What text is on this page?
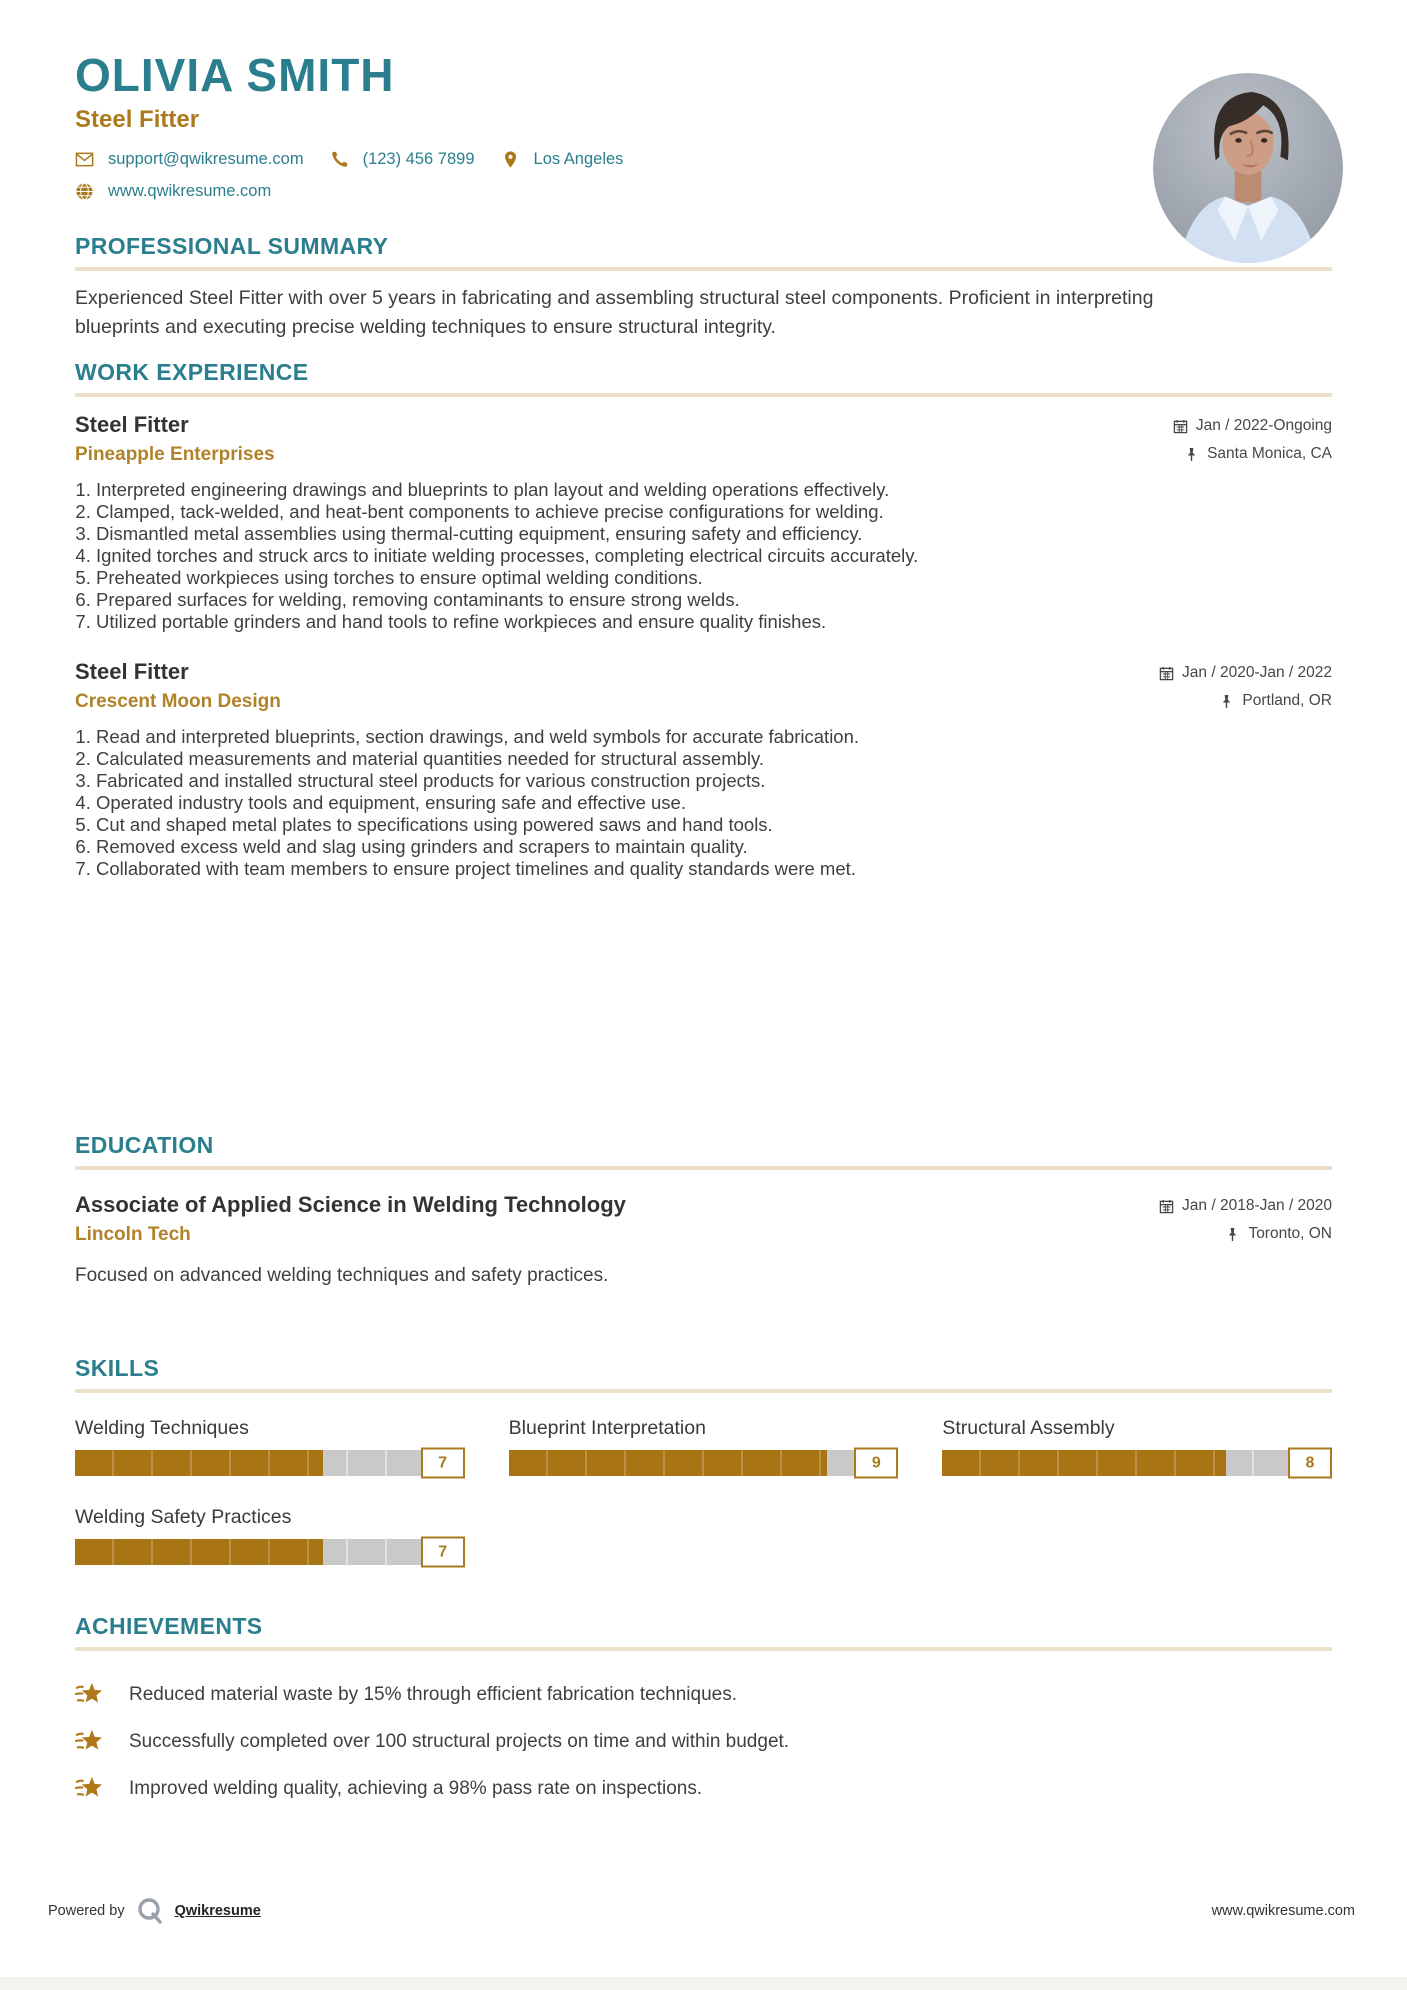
OLIVIA SMITH
Steel Fitter
support@qwikresume.com	(123) 456 7899	Los Angeles
www.qwikresume.com
PROFESSIONAL SUMMARY

Experienced Steel Fitter with over 5 years in fabricating and assembling structural steel components. Proficient in interpreting blueprints and executing precise welding techniques to ensure structural integrity.

WORK EXPERIENCE
Steel Fitter	Jan / 2022-Ongoing
Pineapple Enterprises	Santa Monica, CA
1. Interpreted engineering drawings and blueprints to plan layout and welding operations effectively.
2. Clamped, tack-welded, and heat-bent components to achieve precise configurations for welding.
3. Dismantled metal assemblies using thermal-cutting equipment, ensuring safety and efficiency.
4. Ignited torches and struck arcs to initiate welding processes, completing electrical circuits accurately.
5. Preheated workpieces using torches to ensure optimal welding conditions.
6. Prepared surfaces for welding, removing contaminants to ensure strong welds.
7. Utilized portable grinders and hand tools to refine workpieces and ensure quality finishes.
Steel Fitter	Jan / 2020-Jan / 2022
Crescent Moon Design	Portland, OR
1. Read and interpreted blueprints, section drawings, and weld symbols for accurate fabrication.
2. Calculated measurements and material quantities needed for structural assembly.
3. Fabricated and installed structural steel products for various construction projects.
4. Operated industry tools and equipment, ensuring safe and effective use.
5. Cut and shaped metal plates to specifications using powered saws and hand tools.
6. Removed excess weld and slag using grinders and scrapers to maintain quality.
7. Collaborated with team members to ensure project timelines and quality standards were met.
EDUCATION
Associate of Applied Science in Welding Technology	Jan / 2018-Jan / 2020
Lincoln Tech	Toronto, ON

Focused on advanced welding techniques and safety practices.

SKILLS
Welding Techniques
7
Blueprint Interpretation
9
Structural Assembly
8
Welding Safety Practices
7
ACHIEVEMENTS
Reduced material waste by 15% through efficient fabrication techniques.
Successfully completed over 100 structural projects on time and within budget.
Improved welding quality, achieving a 98% pass rate on inspections.
Powered by	Qwikresume	www.qwikresume.com
